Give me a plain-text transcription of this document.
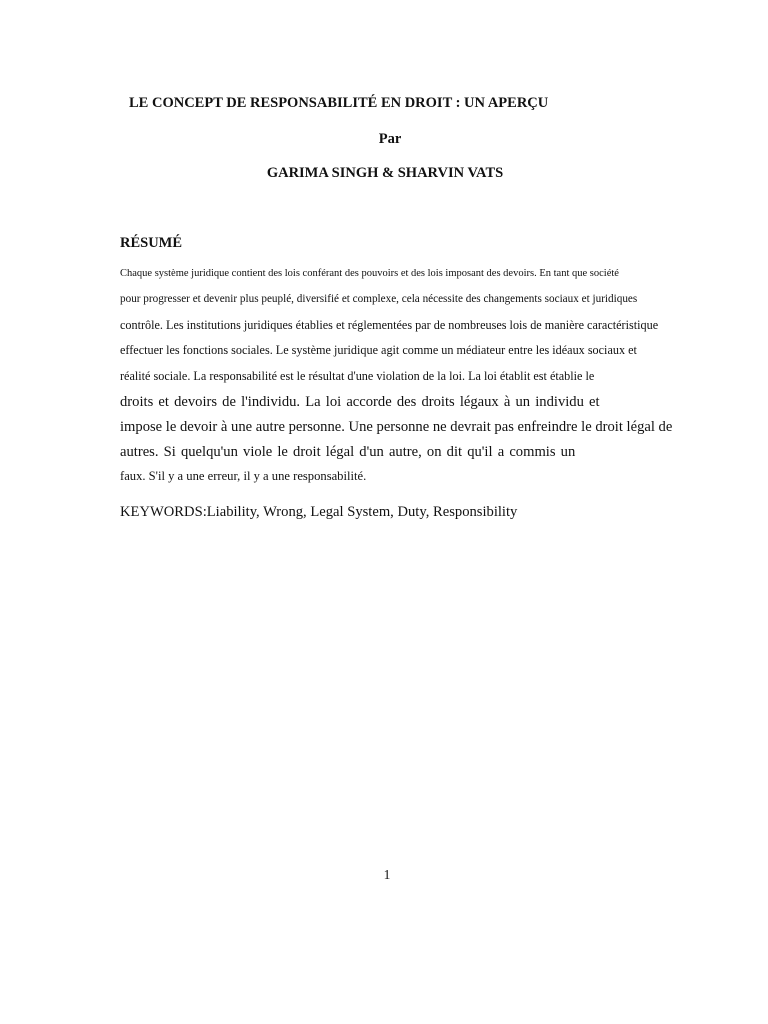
LE CONCEPT DE RESPONSABILITÉ EN DROIT : UN APERÇU
Par
GARIMA SINGH & SHARVIN VATS
RÉSUMÉ
Chaque système juridique contient des lois conférant des pouvoirs et des lois imposant des devoirs. En tant que société
pour progresser et devenir plus peuplé, diversifié et complexe, cela nécessite des changements sociaux et juridiques
contrôle. Les institutions juridiques établies et réglementées par de nombreuses lois de manière caractéristique
effectuer les fonctions sociales. Le système juridique agit comme un médiateur entre les idéaux sociaux et
réalité sociale. La responsabilité est le résultat d'une violation de la loi. La loi établit est établie le
droits et devoirs de l'individu. La loi accorde des droits légaux à un individu et
impose le devoir à une autre personne. Une personne ne devrait pas enfreindre le droit légal de
autres. Si quelqu'un viole le droit légal d'un autre, on dit qu'il a commis un
faux. S'il y a une erreur, il y a une responsabilité.
KEYWORDS:Liability, Wrong, Legal System, Duty, Responsibility
1
